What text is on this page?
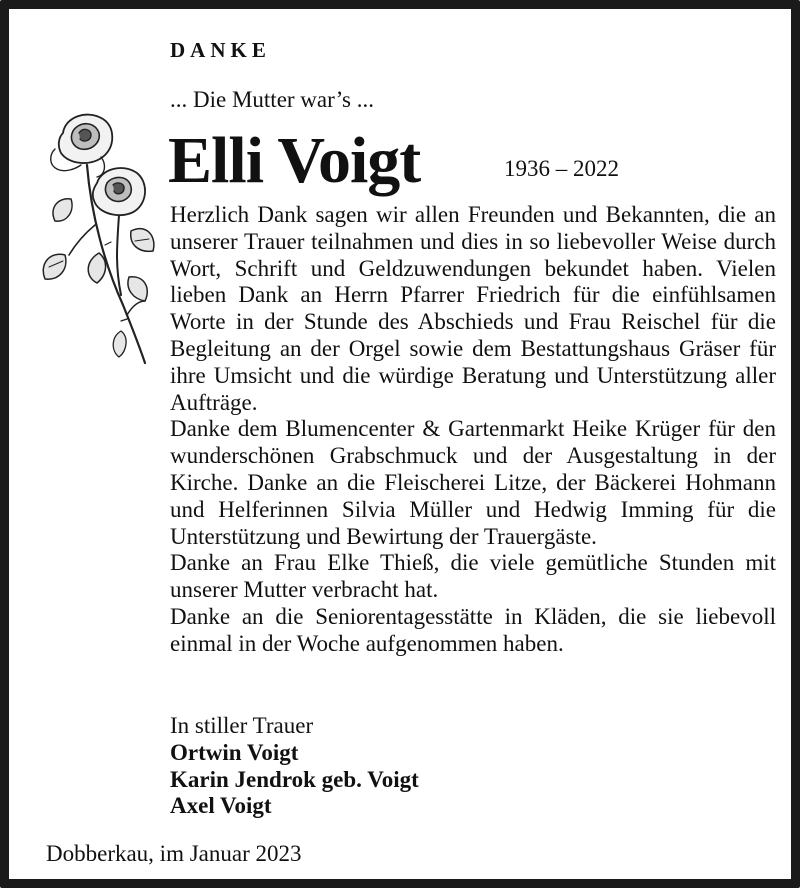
DANKE
... Die Mutter war’s ...
Elli Voigt	1936 – 2022

Herzlich Dank sagen wir allen Freunden und Bekannten, die an unserer Trauer teilnahmen und dies in so liebevoller Weise durch Wort, Schrift und Geldzuwendungen bekundet haben. Vielen lieben Dank an Herrn Pfarrer Friedrich für die einfühlsamen Worte in der Stunde des Abschieds und Frau Reischel für die Begleitung an der Orgel sowie dem Bestattungshaus Gräser für ihre Umsicht und die würdige Beratung und Unterstützung aller Aufträge.

Danke dem Blumencenter & Gartenmarkt Heike Krüger für den wunderschönen Grabschmuck und der Ausgestaltung in der Kirche. Danke an die Fleischerei Litze, der Bäckerei Hohmann und Helferinnen Silvia Müller und Hedwig Imming für die Unterstützung und Bewirtung der Trauergäste.

Danke an Frau Elke Thieß, die viele gemütliche Stunden mit unserer Mutter verbracht hat.

Danke an die Seniorentagesstätte in Kläden, die sie liebevoll einmal in der Woche aufgenommen haben.

In stiller Trauer
Ortwin Voigt
Karin Jendrok geb. Voigt
Axel Voigt
Dobberkau, im Januar 2023
